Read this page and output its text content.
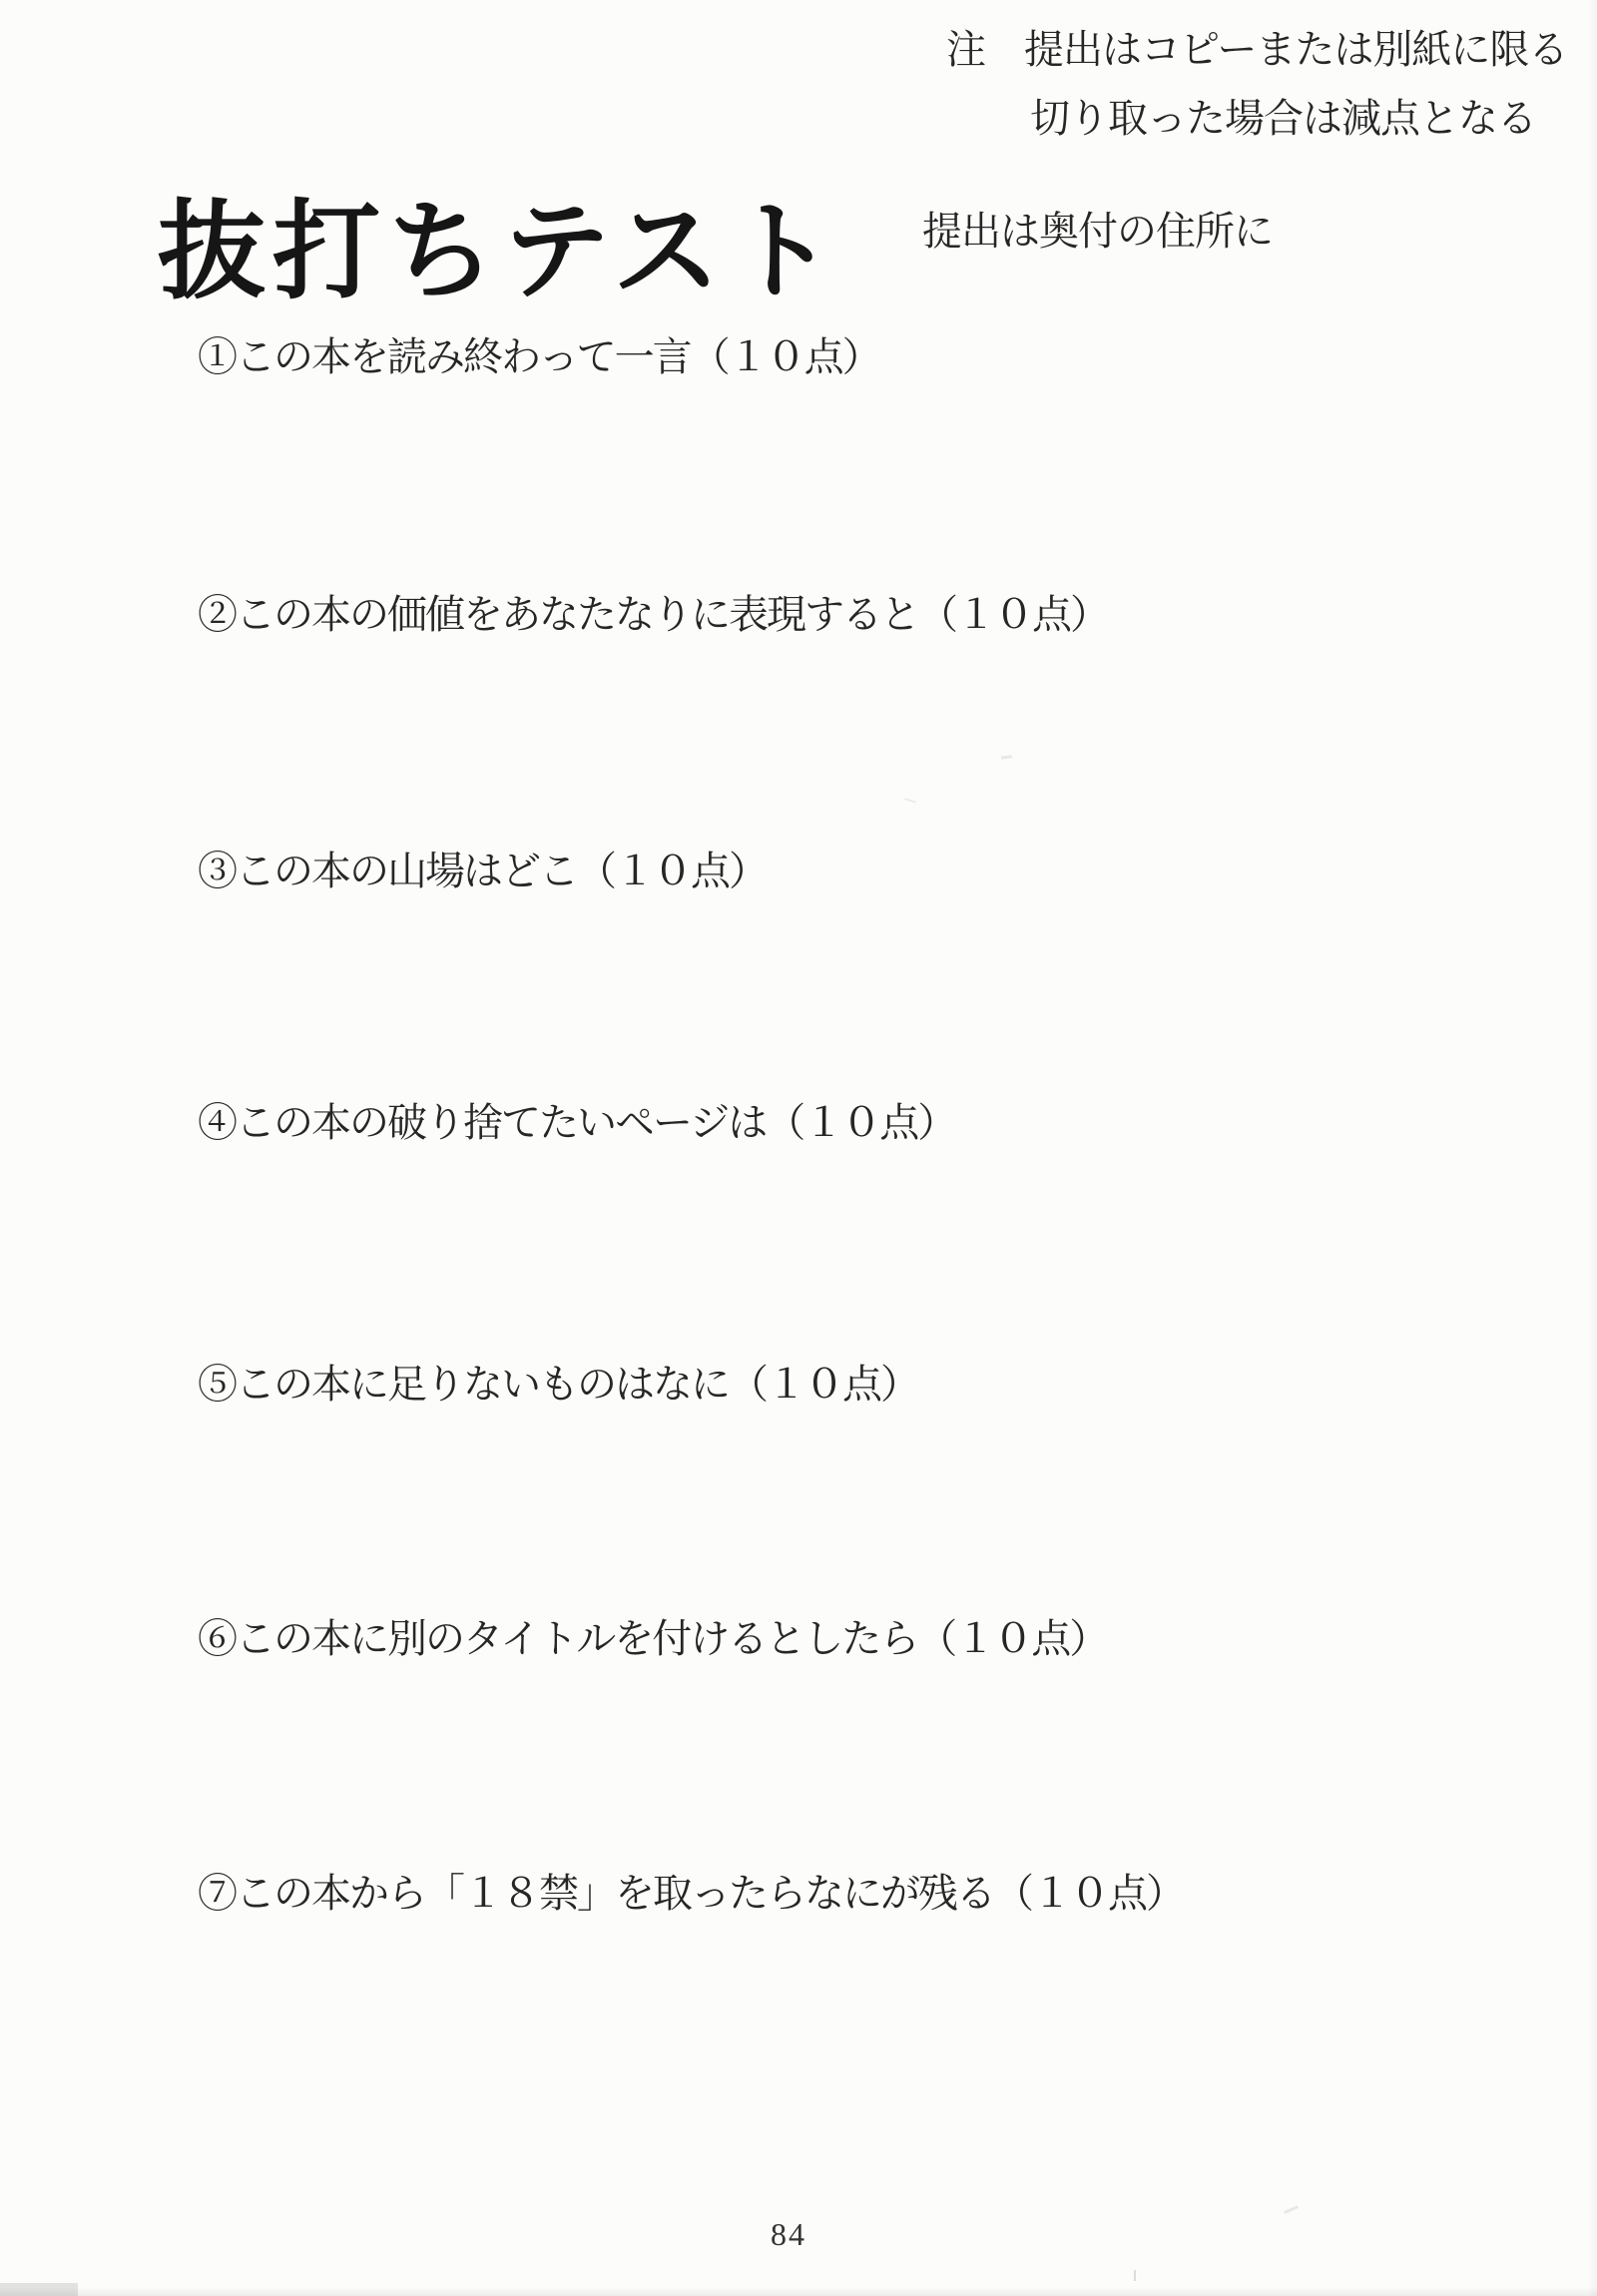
抜打ちテスト
注　提出はコピーまたは別紙に限る
切り取った場合は減点となる
提出は奥付の住所に
①この本を読み終わって一言（１０点）
②この本の価値をあなたなりに表現すると（１０点）
③この本の山場はどこ（１０点）
④この本の破り捨てたいページは（１０点）
⑤この本に足りないものはなに（１０点）
⑥この本に別のタイトルを付けるとしたら（１０点）
⑦この本から「１８禁」を取ったらなにが残る（１０点）
84
